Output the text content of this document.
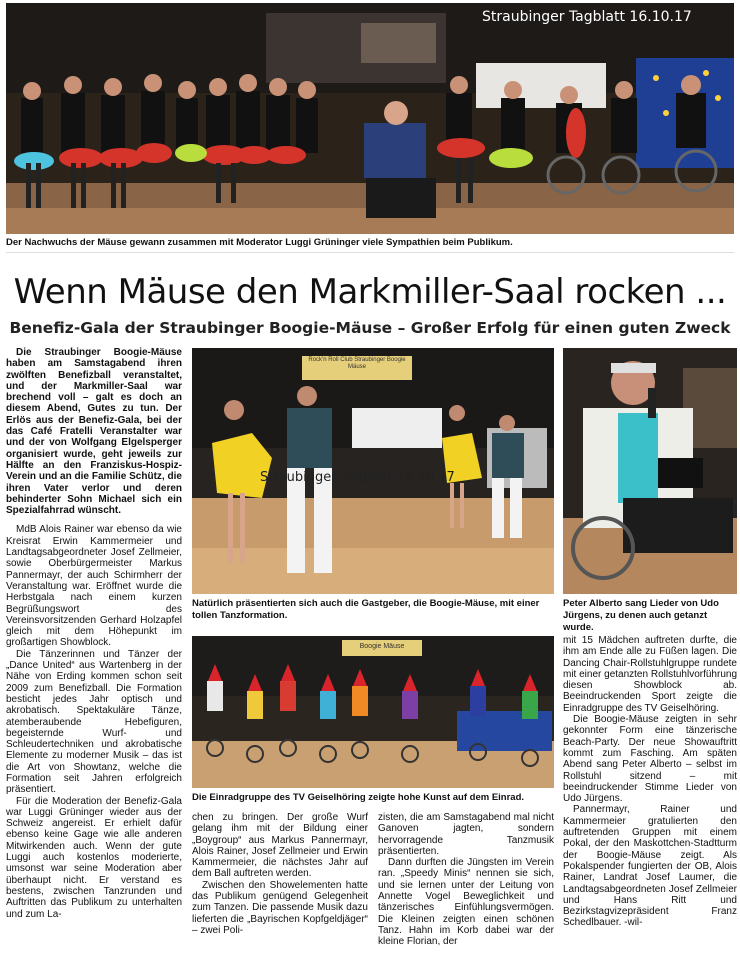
Straubinger Tagblatt 16.10.17
Der Nachwuchs der Mäuse gewann zusammen mit Moderator Luggi Grüninger viele Sympathien beim Publikum.
Wenn Mäuse den Markmiller-Saal rocken ...
Benefiz-Gala der Straubinger Boogie-Mäuse – Großer Erfolg für einen guten Zweck

Die Straubinger Boogie-Mäuse haben am Samstagabend ihren zwölften Benefizball veranstaltet, und der Markmiller-Saal war brechend voll – galt es doch an diesem Abend, Gutes zu tun. Der Erlös aus der Benefiz-Gala, bei der das Café Fratelli Veranstalter war und der von Wolfgang Elgelsperger organisiert wurde, geht jeweils zur Hälfte an den Franziskus-Hospiz-Verein und an die Familie Schütz, die ihren Vater verlor und deren behinderter Sohn Michael sich ein Spezialfahrrad wünscht.

MdB Alois Rainer war ebenso da wie Kreisrat Erwin Kammermeier und Landtagsabgeordneter Josef Zellmeier, sowie Oberbürgermeister Markus Pannermayr, der auch Schirmherr der Veranstaltung war. Eröffnet wurde die Herbstgala nach einem kurzen Begrüßungswort des Vereinsvorsitzenden Gerhard Holzapfel gleich mit dem Höhepunkt im großartigen Showblock.

Die Tänzerinnen und Tänzer der „Dance United“ aus Wartenberg in der Nähe von Erding kommen schon seit 2009 zum Benefizball. Die Formation besticht jedes Jahr optisch und akrobatisch. Spektakuläre Tänze, atemberaubende Hebefiguren, begeisternde Wurf- und Schleudertechniken und akrobatische Elemente zu moderner Musik – das ist die Art von Showtanz, welche die Formation seit Jahren erfolgreich präsentiert.

Für die Moderation der Benefiz-Gala war Luggi Grüninger wieder aus der Schweiz angereist. Er erhielt dafür ebenso keine Gage wie alle anderen Mitwirkenden auch. Wenn der gute Luggi auch kostenlos moderierte, umsonst war seine Moderation aber überhaupt nicht. Er verstand es bestens, zwischen Tanzrunden und Auftritten das Publikum zu unterhalten und zum La-

Rock'n Roll Club Straubinger Boogie Mäuse
Straubinger Tagblatt 16.10.17
Natürlich präsentierten sich auch die Gastgeber, die Boogie-Mäuse, mit einer tollen Tanzformation.
Peter Alberto sang Lieder von Udo Jürgens, zu denen auch getanzt wurde.
Boogie Mäuse
Die Einradgruppe des TV Geiselhöring zeigte hohe Kunst auf dem Einrad.

chen zu bringen. Der große Wurf gelang ihm mit der Bildung einer „Boygroup“ aus Markus Pannermayr, Alois Rainer, Josef Zellmeier und Erwin Kammermeier, die nächstes Jahr auf dem Ball auftreten werden.

Zwischen den Showelementen hatte das Publikum genügend Gelegenheit zum Tanzen. Die passende Musik dazu lieferten die „Bayrischen Kopfgeldjäger“ – zwei Poli-

zisten, die am Samstagabend mal nicht Ganoven jagten, sondern hervorragende Tanzmusik präsentierten.

Dann durften die Jüngsten im Verein ran. „Speedy Minis“ nennen sie sich, und sie lernen unter der Leitung von Annette Vogel Beweglichkeit und tänzerisches Einfühlungsvermögen. Die Kleinen zeigten einen schönen Tanz. Hahn im Korb dabei war der kleine Florian, der

mit 15 Mädchen auftreten durfte, die ihm am Ende alle zu Füßen lagen. Die Dancing Chair-Rollstuhlgruppe rundete mit einer getanzten Rollstuhlvorführung diesen Showblock ab. Beeindruckenden Sport zeigte die Einradgruppe des TV Geiselhöring.

Die Boogie-Mäuse zeigten in sehr gekonnter Form eine tänzerische Beach-Party. Der neue Showauftritt kommt zum Fasching. Am späten Abend sang Peter Alberto – selbst im Rollstuhl sitzend – mit beeindruckender Stimme Lieder von Udo Jürgens.

Pannermayr, Rainer und Kammermeier gratulierten den auftretenden Gruppen mit einem Pokal, der den Maskottchen-Stadtturm der Boogie-Mäuse zeigt. Als Pokalspender fungierten der OB, Alois Rainer, Landrat Josef Laumer, die Landtagsabgeordneten Josef Zellmeier und Hans Ritt und Bezirkstagvizepräsident Franz Schedlbauer. -wil-
